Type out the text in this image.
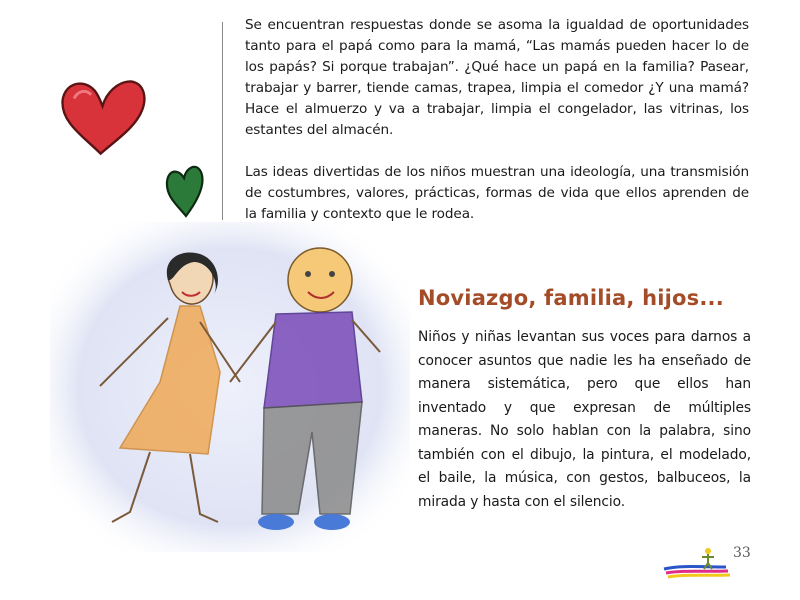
Se encuentran respuestas donde se asoma la igualdad de oportunidades tanto para el papá como para la mamá, “Las mamás pueden hacer lo de los papás? Si porque trabajan”. ¿Qué hace un papá en la familia? Pasear, trabajar y barrer, tiende camas, trapea, limpia el comedor ¿Y una mamá? Hace el almuerzo y va a trabajar, limpia el congelador, las vitrinas, los estantes del almacén.

Las ideas divertidas de los niños muestran una ideología, una transmisión de costumbres, valores, prácticas, formas de vida que ellos aprenden de la familia y contexto que le rodea.

Noviazgo, familia, hijos...

Niños y niñas levantan sus voces para darnos a conocer asuntos que nadie les ha enseñado de manera sistemática, pero que ellos han inventado y que expresan de múltiples maneras. No solo hablan con la palabra, sino también con el dibujo, la pintura, el modelado, el baile, la música, con gestos, balbuceos, la mirada y hasta con el silencio.

33
